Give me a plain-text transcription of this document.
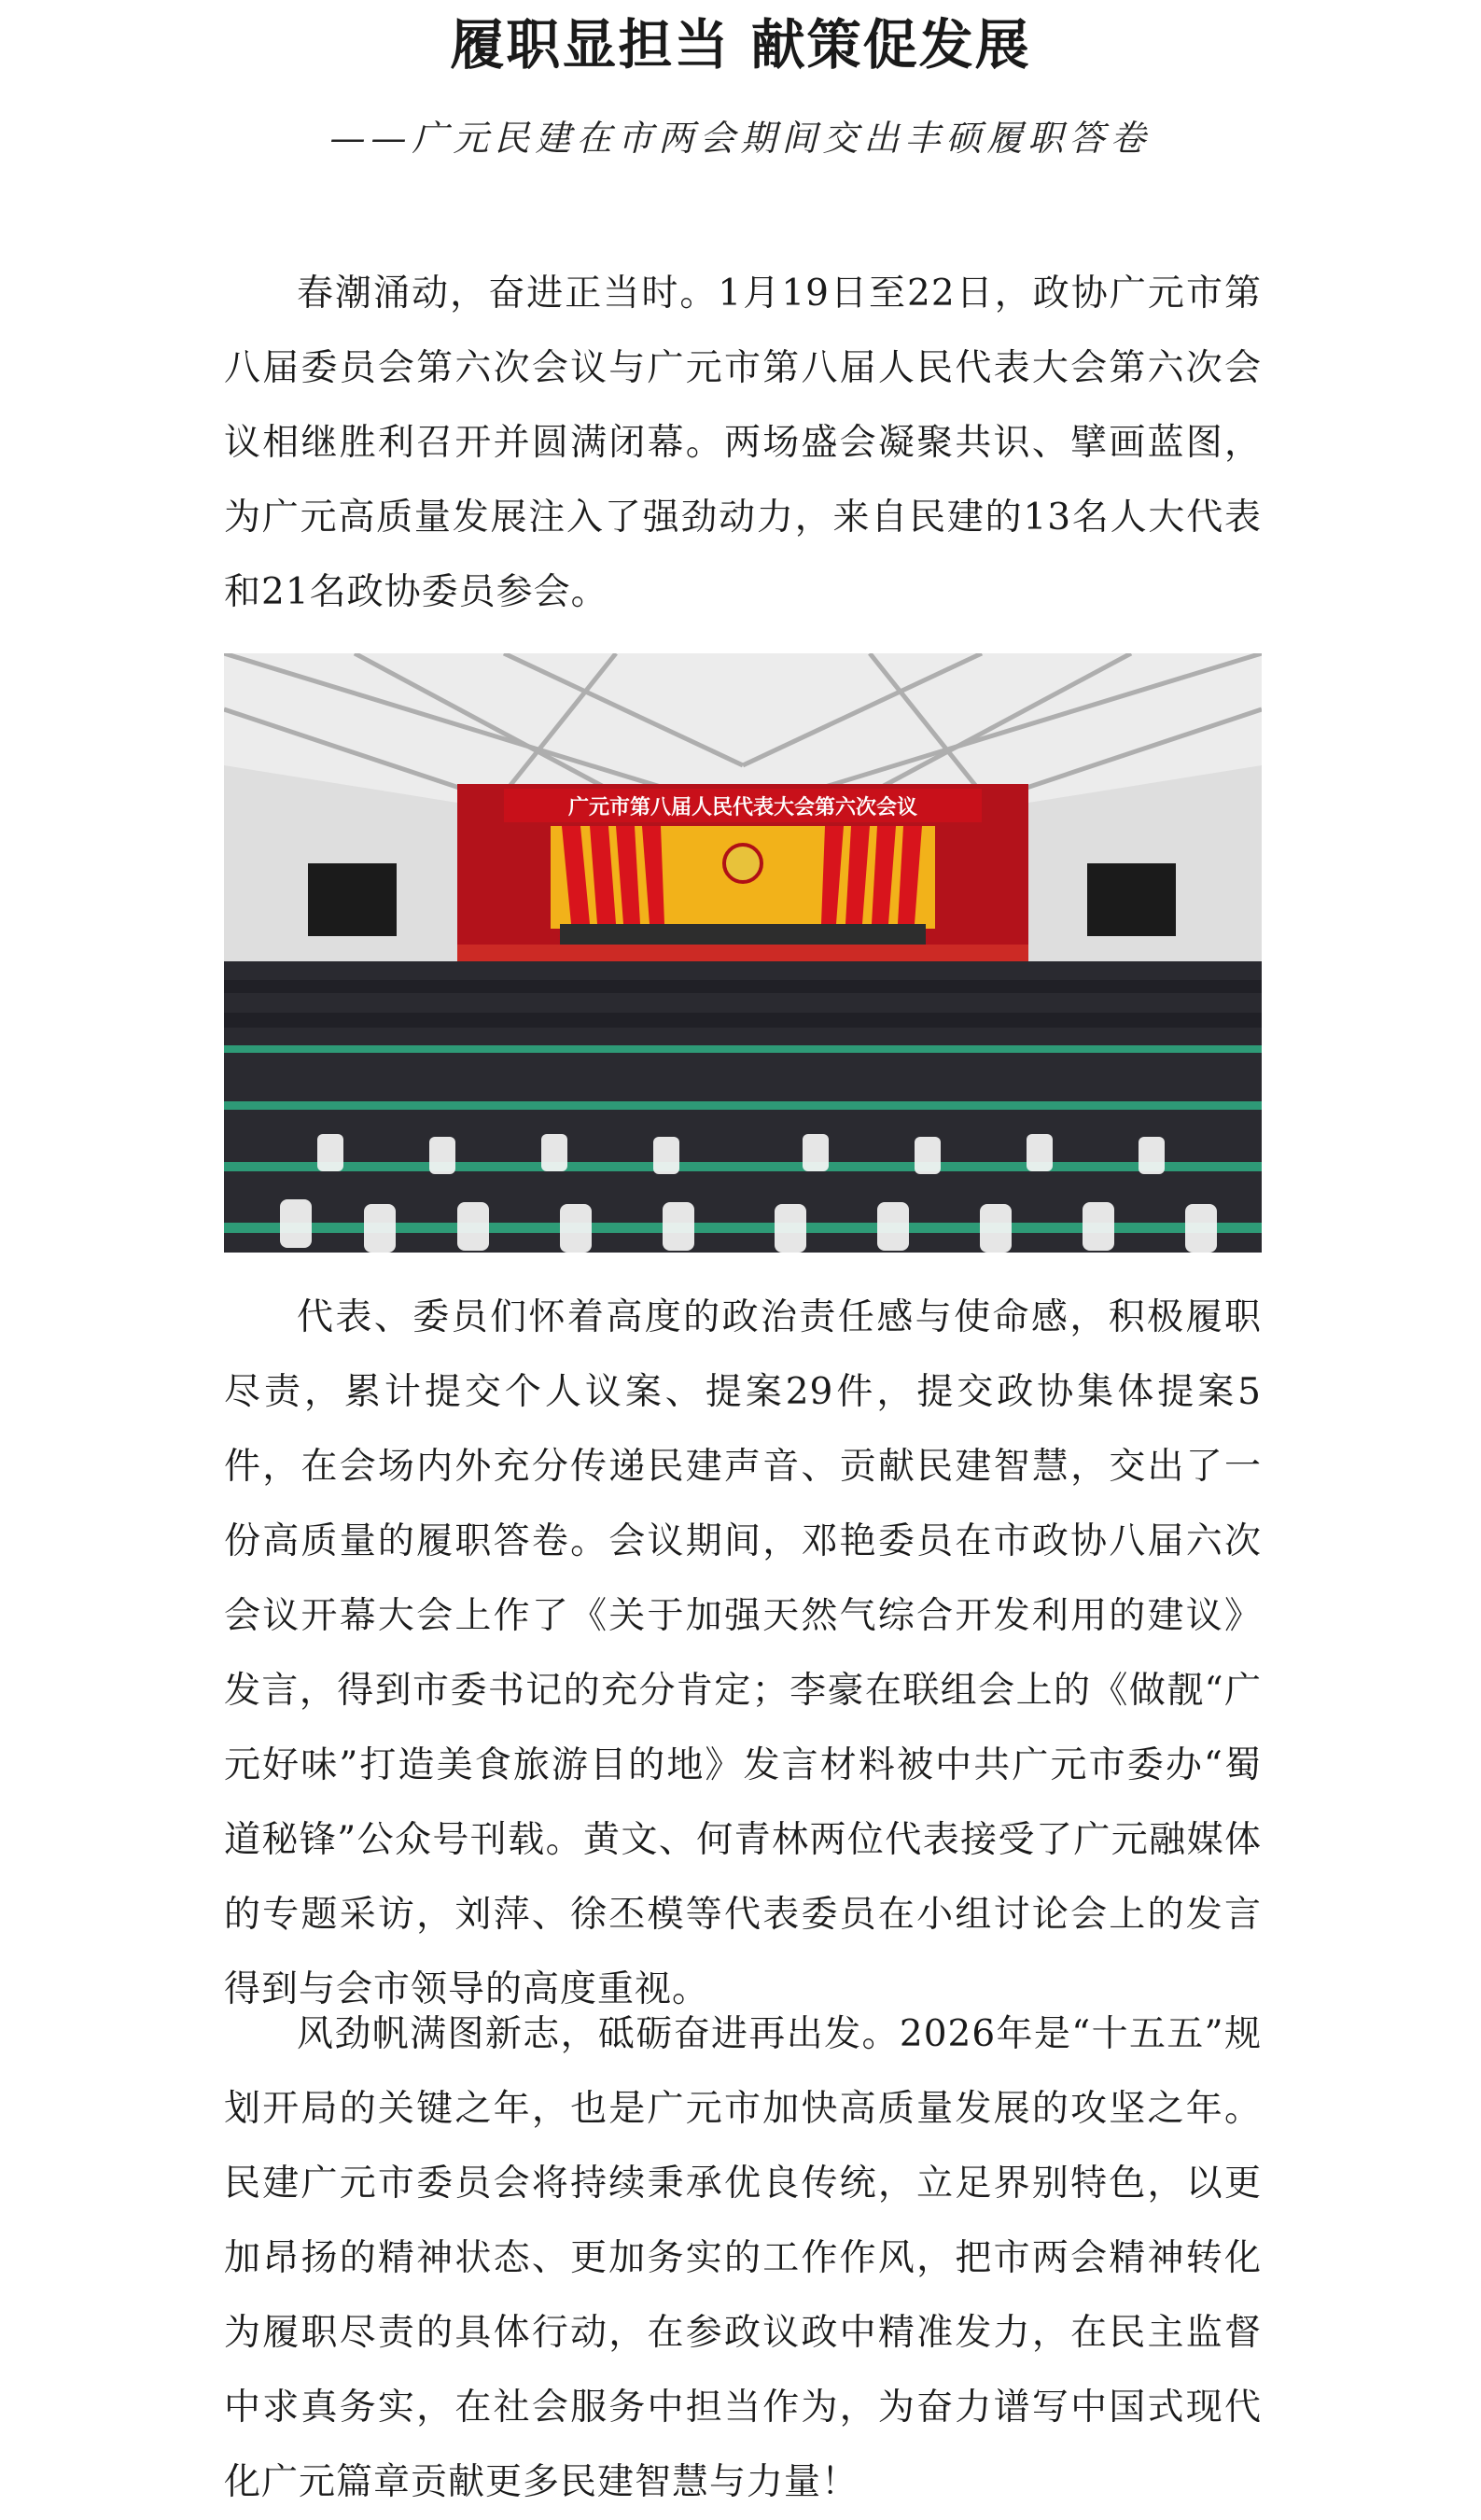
履职显担当 献策促发展
——广元民建在市两会期间交出丰硕履职答卷

春潮涌动，奋进正当时。1月19日至22日，政协广元市第八届委员会第六次会议与广元市第八届人民代表大会第六次会议相继胜利召开并圆满闭幕。两场盛会凝聚共识、擘画蓝图，为广元高质量发展注入了强劲动力，来自民建的13名人大代表和21名政协委员参会。

广元市第八届人民代表大会第六次会议

代表、委员们怀着高度的政治责任感与使命感，积极履职尽责，累计提交个人议案、提案29件，提交政协集体提案5件，在会场内外充分传递民建声音、贡献民建智慧，交出了一份高质量的履职答卷。会议期间，邓艳委员在市政协八届六次会议开幕大会上作了《关于加强天然气综合开发利用的建议》发言，得到市委书记的充分肯定；李豪在联组会上的《做靓“广元好味”打造美食旅游目的地》发言材料被中共广元市委办“蜀道秘锋”公众号刊载。黄文、何青林两位代表接受了广元融媒体的专题采访，刘萍、徐丕模等代表委员在小组讨论会上的发言得到与会市领导的高度重视。

风劲帆满图新志，砥砺奋进再出发。2026年是“十五五”规划开局的关键之年，也是广元市加快高质量发展的攻坚之年。民建广元市委员会将持续秉承优良传统，立足界别特色，以更加昂扬的精神状态、更加务实的工作作风，把市两会精神转化为履职尽责的具体行动，在参政议政中精准发力，在民主监督中求真务实，在社会服务中担当作为，为奋力谱写中国式现代化广元篇章贡献更多民建智慧与力量！
